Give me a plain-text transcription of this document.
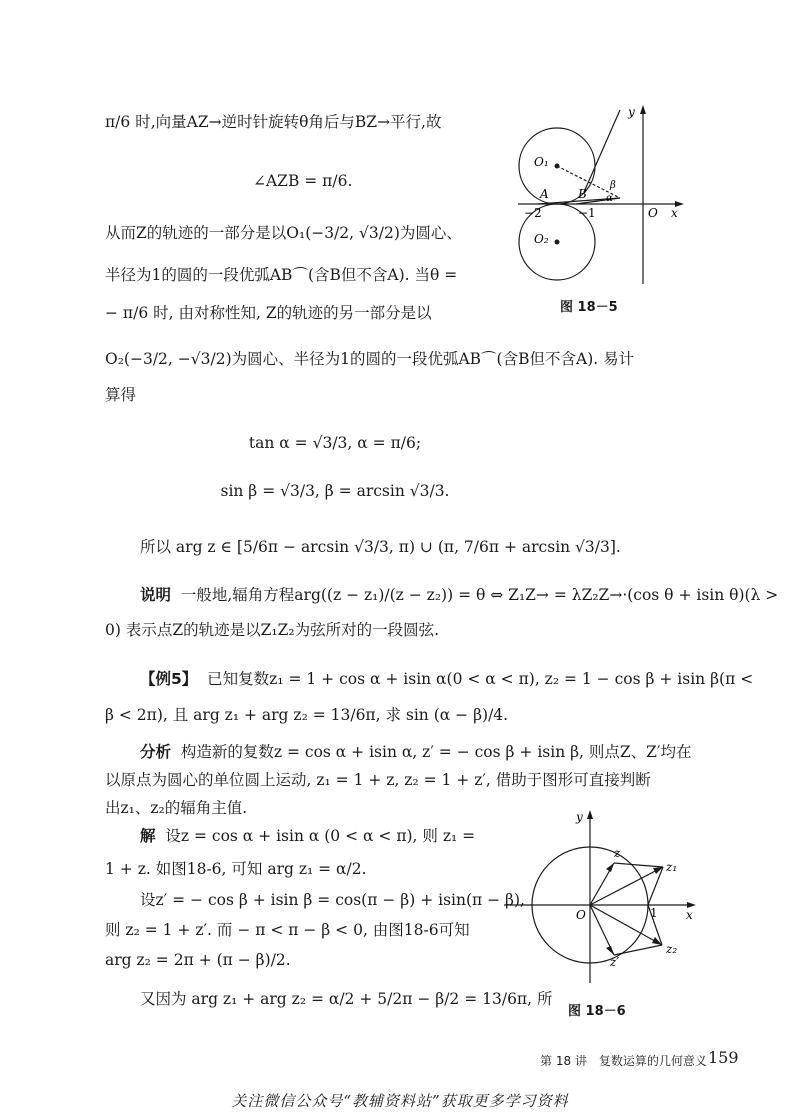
π/6 时,向量AZ→逆时针旋转θ角后与BZ→平行,故
∠AZB = π/6.
从而Z的轨迹的一部分是以O₁(−3/2, √3/2)为圆心、
半径为1的圆的一段优弧AB⌒(含B但不含A). 当θ =
− π/6 时, 由对称性知, Z的轨迹的另一部分是以
O₂(−3/2, −√3/2)为圆心、半径为1的圆的一段优弧AB⌒(含B但不含A). 易计
算得
tan α = √3/3, α = π/6;
sin β = √3/3, β = arcsin √3/3.
所以 arg z ∈ [5/6π − arcsin √3/3, π) ∪ (π, 7/6π + arcsin √3/3].
说明 一般地,辐角方程arg((z − z₁)/(z − z₂)) = θ ⇔ Z₁Z→ = λZ₂Z→·(cos θ + isin θ)(λ >
0) 表示点Z的轨迹是以Z₁Z₂为弦所对的一段圆弦.
【例5】 已知复数z₁ = 1 + cos α + isin α(0 < α < π), z₂ = 1 − cos β + isin β(π <
β < 2π), 且 arg z₁ + arg z₂ = 13/6π, 求 sin (α − β)/4.
分析 构造新的复数z = cos α + isin α, z′ = − cos β + isin β, 则点Z、Z′均在
以原点为圆心的单位圆上运动, z₁ = 1 + z, z₂ = 1 + z′, 借助于图形可直接判断
出z₁、z₂的辐角主值.
解 设z = cos α + isin α (0 < α < π), 则 z₁ =
1 + z. 如图18-6, 可知 arg z₁ = α/2.
设z′ = − cos β + isin β = cos(π − β) + isin(π − β),
则 z₂ = 1 + z′. 而 − π < π − β < 0, 由图18-6可知
arg z₂ = 2π + (π − β)/2.
又因为 arg z₁ + arg z₂ = α/2 + 5/2π − β/2 = 13/6π, 所
y
x
O
O₁
O₂
A B
β
α
−2	−1
图 18－5
y
x
O	1
z
z₁
z′
z₂
图 18－6
第 18 讲　复数运算的几何意义 159
关注微信公众号“教辅资料站”获取更多学习资料
